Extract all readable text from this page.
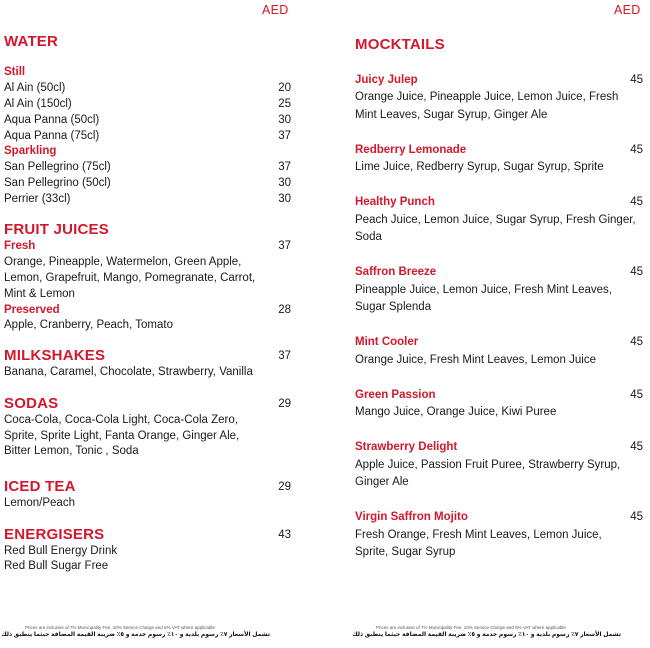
AED
WATER
Still
Al Ain (50cl)	20
Al Ain (150cl)	25
Aqua Panna (50cl)	30
Aqua Panna (75cl)	37
Sparkling
San Pellegrino (75cl)	37
San Pellegrino (50cl)	30
Perrier (33cl)	30
FRUIT JUICES
Fresh	37
Orange, Pineapple, Watermelon, Green Apple,
Lemon, Grapefruit, Mango, Pomegranate, Carrot,
Mint & Lemon
Preserved	28
Apple, Cranberry, Peach, Tomato
MILKSHAKES	37
Banana, Caramel, Chocolate, Strawberry, Vanilla
SODAS	29
Coca-Cola, Coca-Cola Light, Coca-Cola Zero,
Sprite, Sprite Light, Fanta Orange, Ginger Ale,
Bitter Lemon, Tonic , Soda
ICED TEA	29
Lemon/Peach
ENERGISERS	43
Red Bull Energy Drink
Red Bull Sugar Free
Prices are inclusive of 7% Municipality Fee, 10% Service Charge and 5% VAT where applicable
تشمل الأسعار ٧٪ رسوم بلدية و ١٠٪ رسوم خدمة و ٥٪ ضريبة القيمة المضافة حيثما ينطبق ذلك
AED
MOCKTAILS
Juicy Julep	45
Orange Juice, Pineapple Juice, Lemon Juice, Fresh
Mint Leaves, Sugar Syrup, Ginger Ale
Redberry Lemonade	45
Lime Juice, Redberry Syrup, Sugar Syrup, Sprite
Healthy Punch	45
Peach Juice, Lemon Juice, Sugar Syrup, Fresh Ginger,
Soda
Saffron Breeze	45
Pineapple Juice, Lemon Juice, Fresh Mint Leaves,
Sugar Splenda
Mint Cooler	45
Orange Juice, Fresh Mint Leaves, Lemon Juice
Green Passion	45
Mango Juice, Orange Juice, Kiwi Puree
Strawberry Delight	45
Apple Juice, Passion Fruit Puree, Strawberry Syrup,
Ginger Ale
Virgin Saffron Mojito	45
Fresh Orange, Fresh Mint Leaves, Lemon Juice,
Sprite, Sugar Syrup
Prices are inclusive of 7% Municipality Fee, 10% Service Charge and 5% VAT where applicable
تشمل الأسعار ٧٪ رسوم بلدية و ١٠٪ رسوم خدمة و ٥٪ ضريبة القيمة المضافة حيثما ينطبق ذلك
